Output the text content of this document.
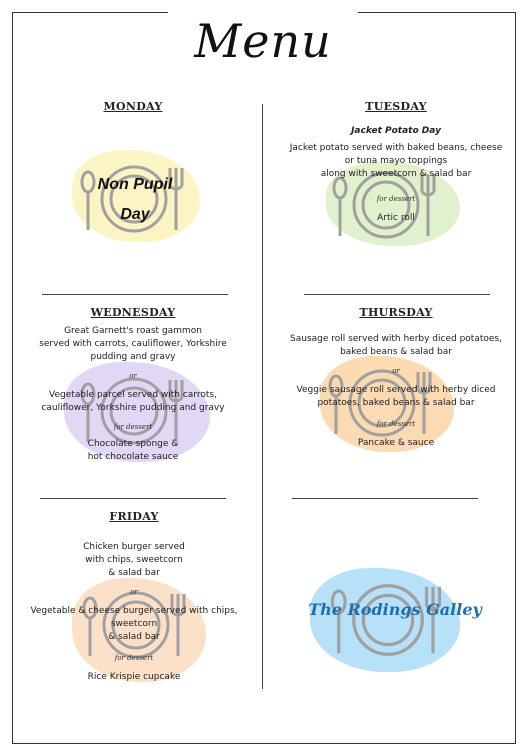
Menu
MONDAY
Non Pupil
Day
TUESDAY
Jacket Potato Day
Jacket potato served with baked beans, cheese
or tuna mayo toppings
along with sweetcorn & salad bar
for dessert
Artic roll
WEDNESDAY
Great Garnett's roast gammon
served with carrots, cauliflower, Yorkshire
pudding and gravy
or
Vegetable parcel served with carrots,
cauliflower, Yorkshire pudding and gravy
for dessert
Chocolate sponge &
hot chocolate sauce
THURSDAY
Sausage roll served with herby diced potatoes,
baked beans & salad bar
or
Veggie sausage roll served with herby diced
potatoes, baked beans & salad bar
for dessert
Pancake & sauce
FRIDAY
Chicken burger served
with chips, sweetcorn
& salad bar
or
Vegetable & cheese burger served with chips,
sweetcorn
& salad bar
for dessert
Rice Krispie cupcake
The Rodings Galley
